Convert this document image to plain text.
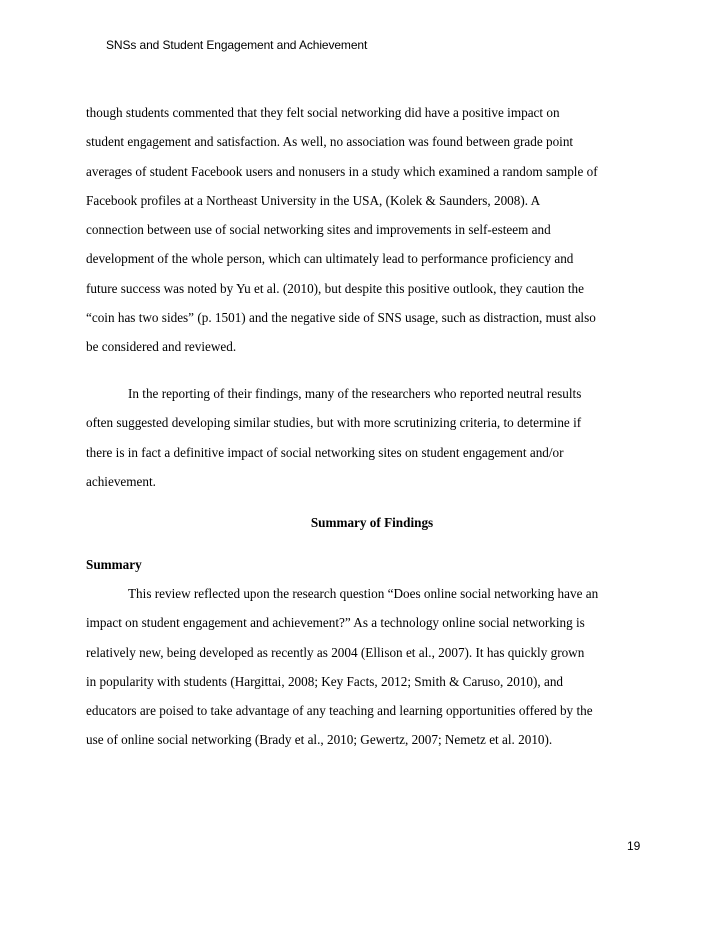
SNSs and Student Engagement and Achievement
though students commented that they felt social networking did have a positive impact on
student engagement and satisfaction. As well, no association was found between grade point
averages of student Facebook users and nonusers in a study which examined a random sample of
Facebook profiles at a Northeast University in the USA, (Kolek & Saunders, 2008). A
connection between use of social networking sites and improvements in self-esteem and
development of the whole person, which can ultimately lead to performance proficiency and
future success was noted by Yu et al. (2010), but despite this positive outlook, they caution the
“coin has two sides” (p. 1501) and the negative side of SNS usage, such as distraction, must also
be considered and reviewed.
In the reporting of their findings, many of the researchers who reported neutral results
often suggested developing similar studies, but with more scrutinizing criteria, to determine if
there is in fact a definitive impact of social networking sites on student engagement and/or
achievement.
Summary of Findings
Summary
This review reflected upon the research question “Does online social networking have an
impact on student engagement and achievement?” As a technology online social networking is
relatively new, being developed as recently as 2004 (Ellison et al., 2007). It has quickly grown
in popularity with students (Hargittai, 2008; Key Facts, 2012; Smith & Caruso, 2010), and
educators are poised to take advantage of any teaching and learning opportunities offered by the
use of online social networking (Brady et al., 2010; Gewertz, 2007; Nemetz et al. 2010).
19
